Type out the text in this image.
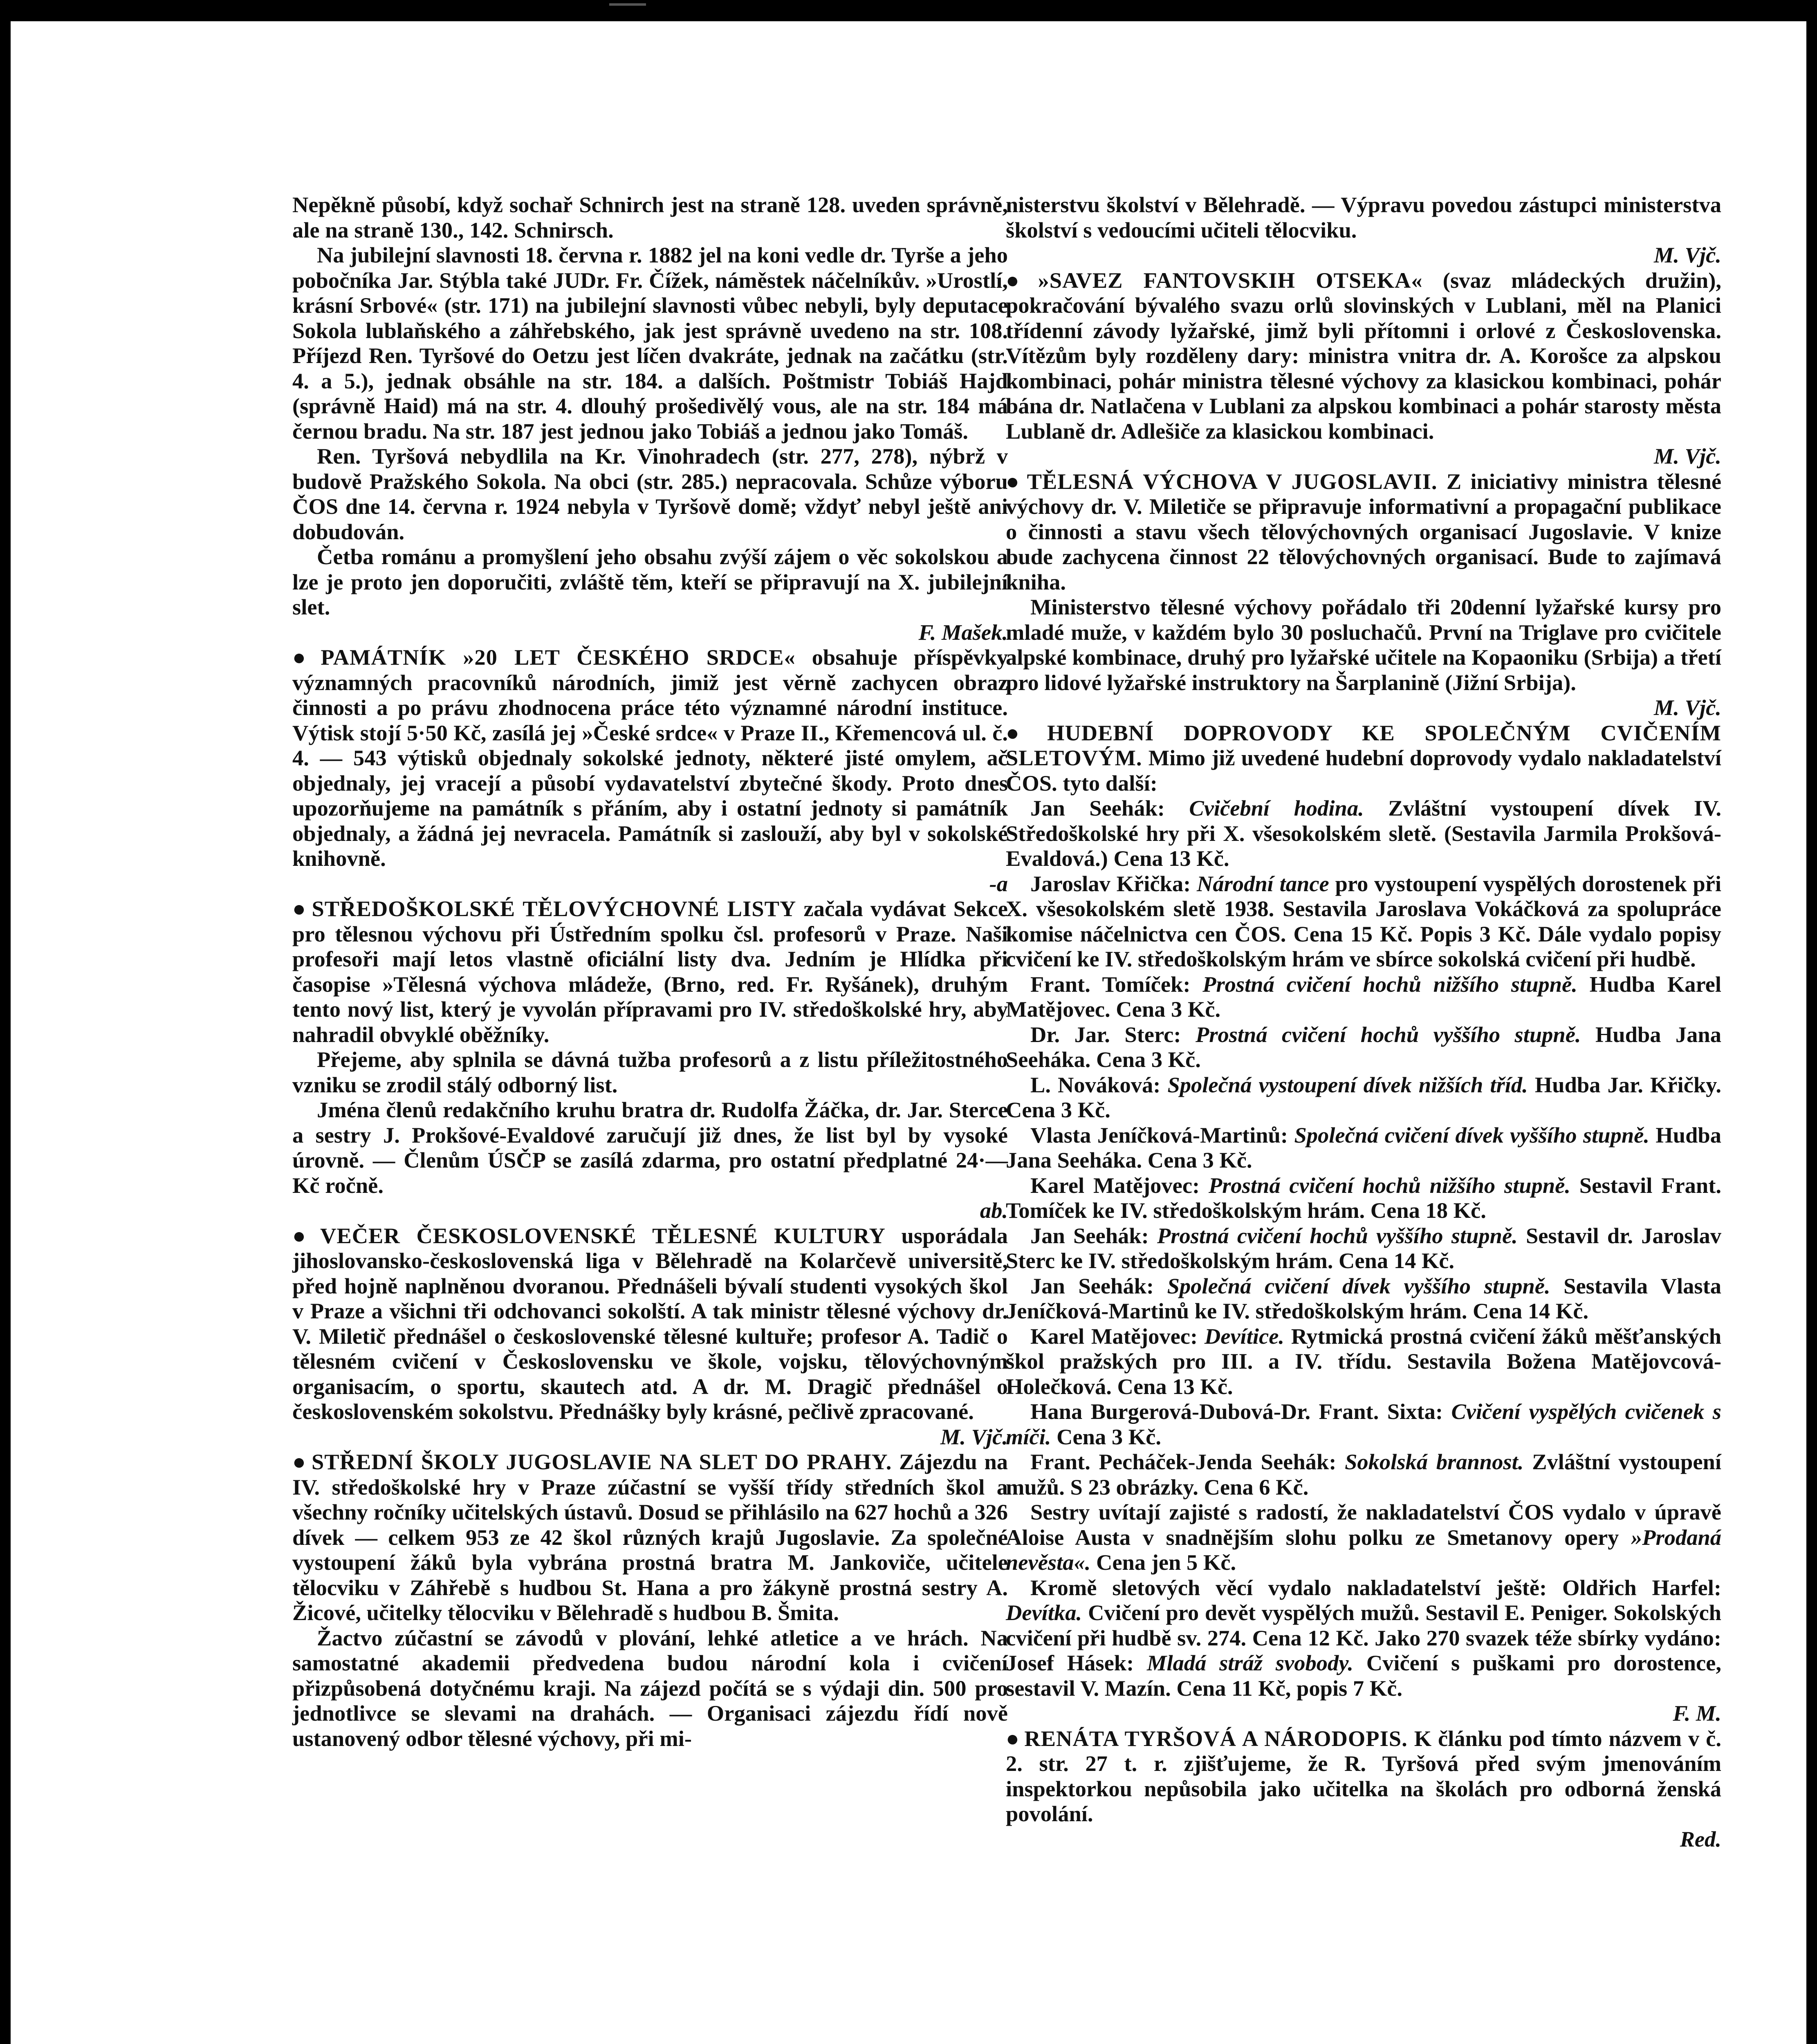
Nepěkně působí, když sochař Schnirch jest na straně 128. uveden správně, ale na straně 130., 142. Schnirsch.

Na jubilejní slavnosti 18. června r. 1882 jel na koni vedle dr. Tyrše a jeho pobočníka Jar. Stýbla také JUDr. Fr. Čížek, náměstek náčelníkův. »Urostlí, krásní Srbové« (str. 171) na jubilejní slavnosti vůbec nebyli, byly deputace Sokola lublaňského a záhřebského, jak jest správně uvedeno na str. 108. Příjezd Ren. Tyršové do Oetzu jest líčen dvakráte, jednak na začátku (str. 4. a 5.), jednak obsáhle na str. 184. a dalších. Poštmistr Tobiáš Hajd (správně Haid) má na str. 4. dlouhý prošedivělý vous, ale na str. 184 má černou bradu. Na str. 187 jest jednou jako Tobiáš a jednou jako Tomáš.

Ren. Tyršová nebydlila na Kr. Vinohradech (str. 277, 278), nýbrž v budově Pražského Sokola. Na obci (str. 285.) nepracovala. Schůze výboru ČOS dne 14. června r. 1924 nebyla v Tyršově domě; vždyť nebyl ještě ani dobudován.

Četba románu a promyšlení jeho obsahu zvýší zájem o věc sokolskou a lze je proto jen doporučiti, zvláště těm, kteří se připravují na X. jubilejní slet.

F. Mašek.

● PAMÁTNÍK »20 LET ČESKÉHO SRDCE« obsahuje příspěvky významných pracovníků národních, jimiž jest věrně zachycen obraz činnosti a po právu zhodnocena práce této významné národní instituce. Výtisk stojí 5·50 Kč, zasílá jej »České srdce« v Praze II., Křemencová ul. č. 4. — 543 výtisků objednaly sokolské jednoty, některé jisté omylem, ač objednaly, jej vracejí a působí vydavatelství zbytečné škody. Proto dnes upozorňujeme na památník s přáním, aby i ostatní jednoty si památník objednaly, a žádná jej nevracela. Památník si zaslouží, aby byl v sokolské knihovně.

-a

● STŘEDOŠKOLSKÉ TĚLOVÝCHOVNÉ LISTY začala vydávat Sekce pro tělesnou výchovu při Ústředním spolku čsl. profesorů v Praze. Naši profesoři mají letos vlastně oficiální listy dva. Jedním je Hlídka při časopise »Tělesná výchova mládeže, (Brno, red. Fr. Ryšánek), druhým tento nový list, který je vyvolán přípravami pro IV. středoškolské hry, aby nahradil obvyklé oběžníky.

Přejeme, aby splnila se dávná tužba profesorů a z listu příležitostného vzniku se zrodil stálý odborný list.

Jména členů redakčního kruhu bratra dr. Rudolfa Žáčka, dr. Jar. Sterce a sestry J. Prokšové-Evaldové zaručují již dnes, že list byl by vysoké úrovně. — Členům ÚSČP se zasílá zdarma, pro ostatní předplatné 24·— Kč ročně.

ab.

● VEČER ČESKOSLOVENSKÉ TĚLESNÉ KULTURY usporádala jihoslovansko-československá liga v Bělehradě na Kolarčevě universitě, před hojně naplněnou dvoranou. Přednášeli bývalí studenti vysokých škol v Praze a všichni tři odchovanci sokolští. A tak ministr tělesné výchovy dr. V. Miletič přednášel o československé tělesné kultuře; profesor A. Tadič o tělesném cvičení v Československu ve škole, vojsku, tělovýchovným organisacím, o sportu, skautech atd. A dr. M. Dragič přednášel o československém sokolstvu. Přednášky byly krásné, pečlivě zpracované.

M. Vjč.

● STŘEDNÍ ŠKOLY JUGOSLAVIE NA SLET DO PRAHY. Zájezdu na IV. středoškolské hry v Praze zúčastní se vyšší třídy středních škol a všechny ročníky učitelských ústavů. Dosud se přihlásilo na 627 hochů a 326 dívek — celkem 953 ze 42 škol různých krajů Jugoslavie. Za společné vystoupení žáků byla vybrána prostná bratra M. Jankoviče, učitele tělocviku v Záhřebě s hudbou St. Hana a pro žákyně prostná sestry A. Žicové, učitelky tělocviku v Bělehradě s hudbou B. Šmita.

Žactvo zúčastní se závodů v plování, lehké atletice a ve hrách. Na samostatné akademii předvedena budou národní kola i cvičení přizpůsobená dotyčnému kraji. Na zájezd počítá se s výdaji din. 500 pro jednotlivce se slevami na drahách. — Organisaci zájezdu řídí nově ustanovený odbor tělesné výchovy, při mi-

nisterstvu školství v Bělehradě. — Výpravu povedou zástupci ministerstva školství s vedoucími učiteli tělocviku.

M. Vjč.

● »SAVEZ FANTOVSKIH OTSEKA« (svaz mládeckých družin), pokračování bývalého svazu orlů slovinských v Lublani, měl na Planici třídenní závody lyžařské, jimž byli přítomni i orlové z Československa. Vítězům byly rozděleny dary: ministra vnitra dr. A. Korošce za alpskou kombinaci, pohár ministra tělesné výchovy za klasickou kombinaci, pohár bána dr. Natlačena v Lublani za alpskou kombinaci a pohár starosty města Lublaně dr. Adlešiče za klasickou kombinaci.

M. Vjč.

● TĚLESNÁ VÝCHOVA V JUGOSLAVII. Z iniciativy ministra tělesné výchovy dr. V. Miletiče se připravuje informativní a propagační publikace o činnosti a stavu všech tělovýchovných organisací Jugoslavie. V knize bude zachycena činnost 22 tělovýchovných organisací. Bude to zajímavá kniha.

Ministerstvo tělesné výchovy pořádalo tři 20denní lyžařské kursy pro mladé muže, v každém bylo 30 posluchačů. První na Triglave pro cvičitele alpské kombinace, druhý pro lyžařské učitele na Kopaoniku (Srbija) a třetí pro lidové lyžařské instruktory na Šarplanině (Jižní Srbija).

M. Vjč.

● HUDEBNÍ DOPROVODY KE SPOLEČNÝM CVIČENÍM SLETOVÝM. Mimo již uvedené hudební doprovody vydalo nakladatelství ČOS. tyto další:

Jan Seehák: Cvičební hodina. Zvláštní vystoupení dívek IV. Středoškolské hry při X. všesokolském sletě. (Sestavila Jarmila Prokšová-Evaldová.) Cena 13 Kč.

Jaroslav Křička: Národní tance pro vystoupení vyspělých dorostenek při X. všesokolském sletě 1938. Sestavila Jaroslava Vokáčková za spolupráce komise náčelnictva cen ČOS. Cena 15 Kč. Popis 3 Kč. Dále vydalo popisy cvičení ke IV. středoškolským hrám ve sbírce sokolská cvičení při hudbě.

Frant. Tomíček: Prostná cvičení hochů nižšího stupně. Hudba Karel Matějovec. Cena 3 Kč.

Dr. Jar. Sterc: Prostná cvičení hochů vyššího stupně. Hudba Jana Seeháka. Cena 3 Kč.

L. Nováková: Společná vystoupení dívek nižších tříd. Hudba Jar. Křičky. Cena 3 Kč.

Vlasta Jeníčková-Martinů: Společná cvičení dívek vyššího stupně. Hudba Jana Seeháka. Cena 3 Kč.

Karel Matějovec: Prostná cvičení hochů nižšího stupně. Sestavil Frant. Tomíček ke IV. středoškolským hrám. Cena 18 Kč.

Jan Seehák: Prostná cvičení hochů vyššího stupně. Sestavil dr. Jaroslav Sterc ke IV. středoškolským hrám. Cena 14 Kč.

Jan Seehák: Společná cvičení dívek vyššího stupně. Sestavila Vlasta Jeníčková-Martinů ke IV. středoškolským hrám. Cena 14 Kč.

Karel Matějovec: Devítice. Rytmická prostná cvičení žáků měšťanských škol pražských pro III. a IV. třídu. Sestavila Božena Matějovcová-Holečková. Cena 13 Kč.

Hana Burgerová-Dubová-Dr. Frant. Sixta: Cvičení vyspělých cvičenek s míči. Cena 3 Kč.

Frant. Pecháček-Jenda Seehák: Sokolská brannost. Zvláštní vystoupení mužů. S 23 obrázky. Cena 6 Kč.

Sestry uvítají zajisté s radostí, že nakladatelství ČOS vydalo v úpravě Aloise Austa v snadnějším slohu polku ze Smetanovy opery »Prodaná nevěsta«. Cena jen 5 Kč.

Kromě sletových věcí vydalo nakladatelství ještě: Oldřich Harfel: Devítka. Cvičení pro devět vyspělých mužů. Sestavil E. Peniger. Sokolských cvičení při hudbě sv. 274. Cena 12 Kč. Jako 270 svazek téže sbírky vydáno: Josef Hásek: Mladá stráž svobody. Cvičení s puškami pro dorostence, sestavil V. Mazín. Cena 11 Kč, popis 7 Kč.

F. M.

● RENÁTA TYRŠOVÁ A NÁRODOPIS. K článku pod tímto názvem v č. 2. str. 27 t. r. zjišťujeme, že R. Tyršová před svým jmenováním inspektorkou nepůsobila jako učitelka na školách pro odborná ženská povolání.

Red.
